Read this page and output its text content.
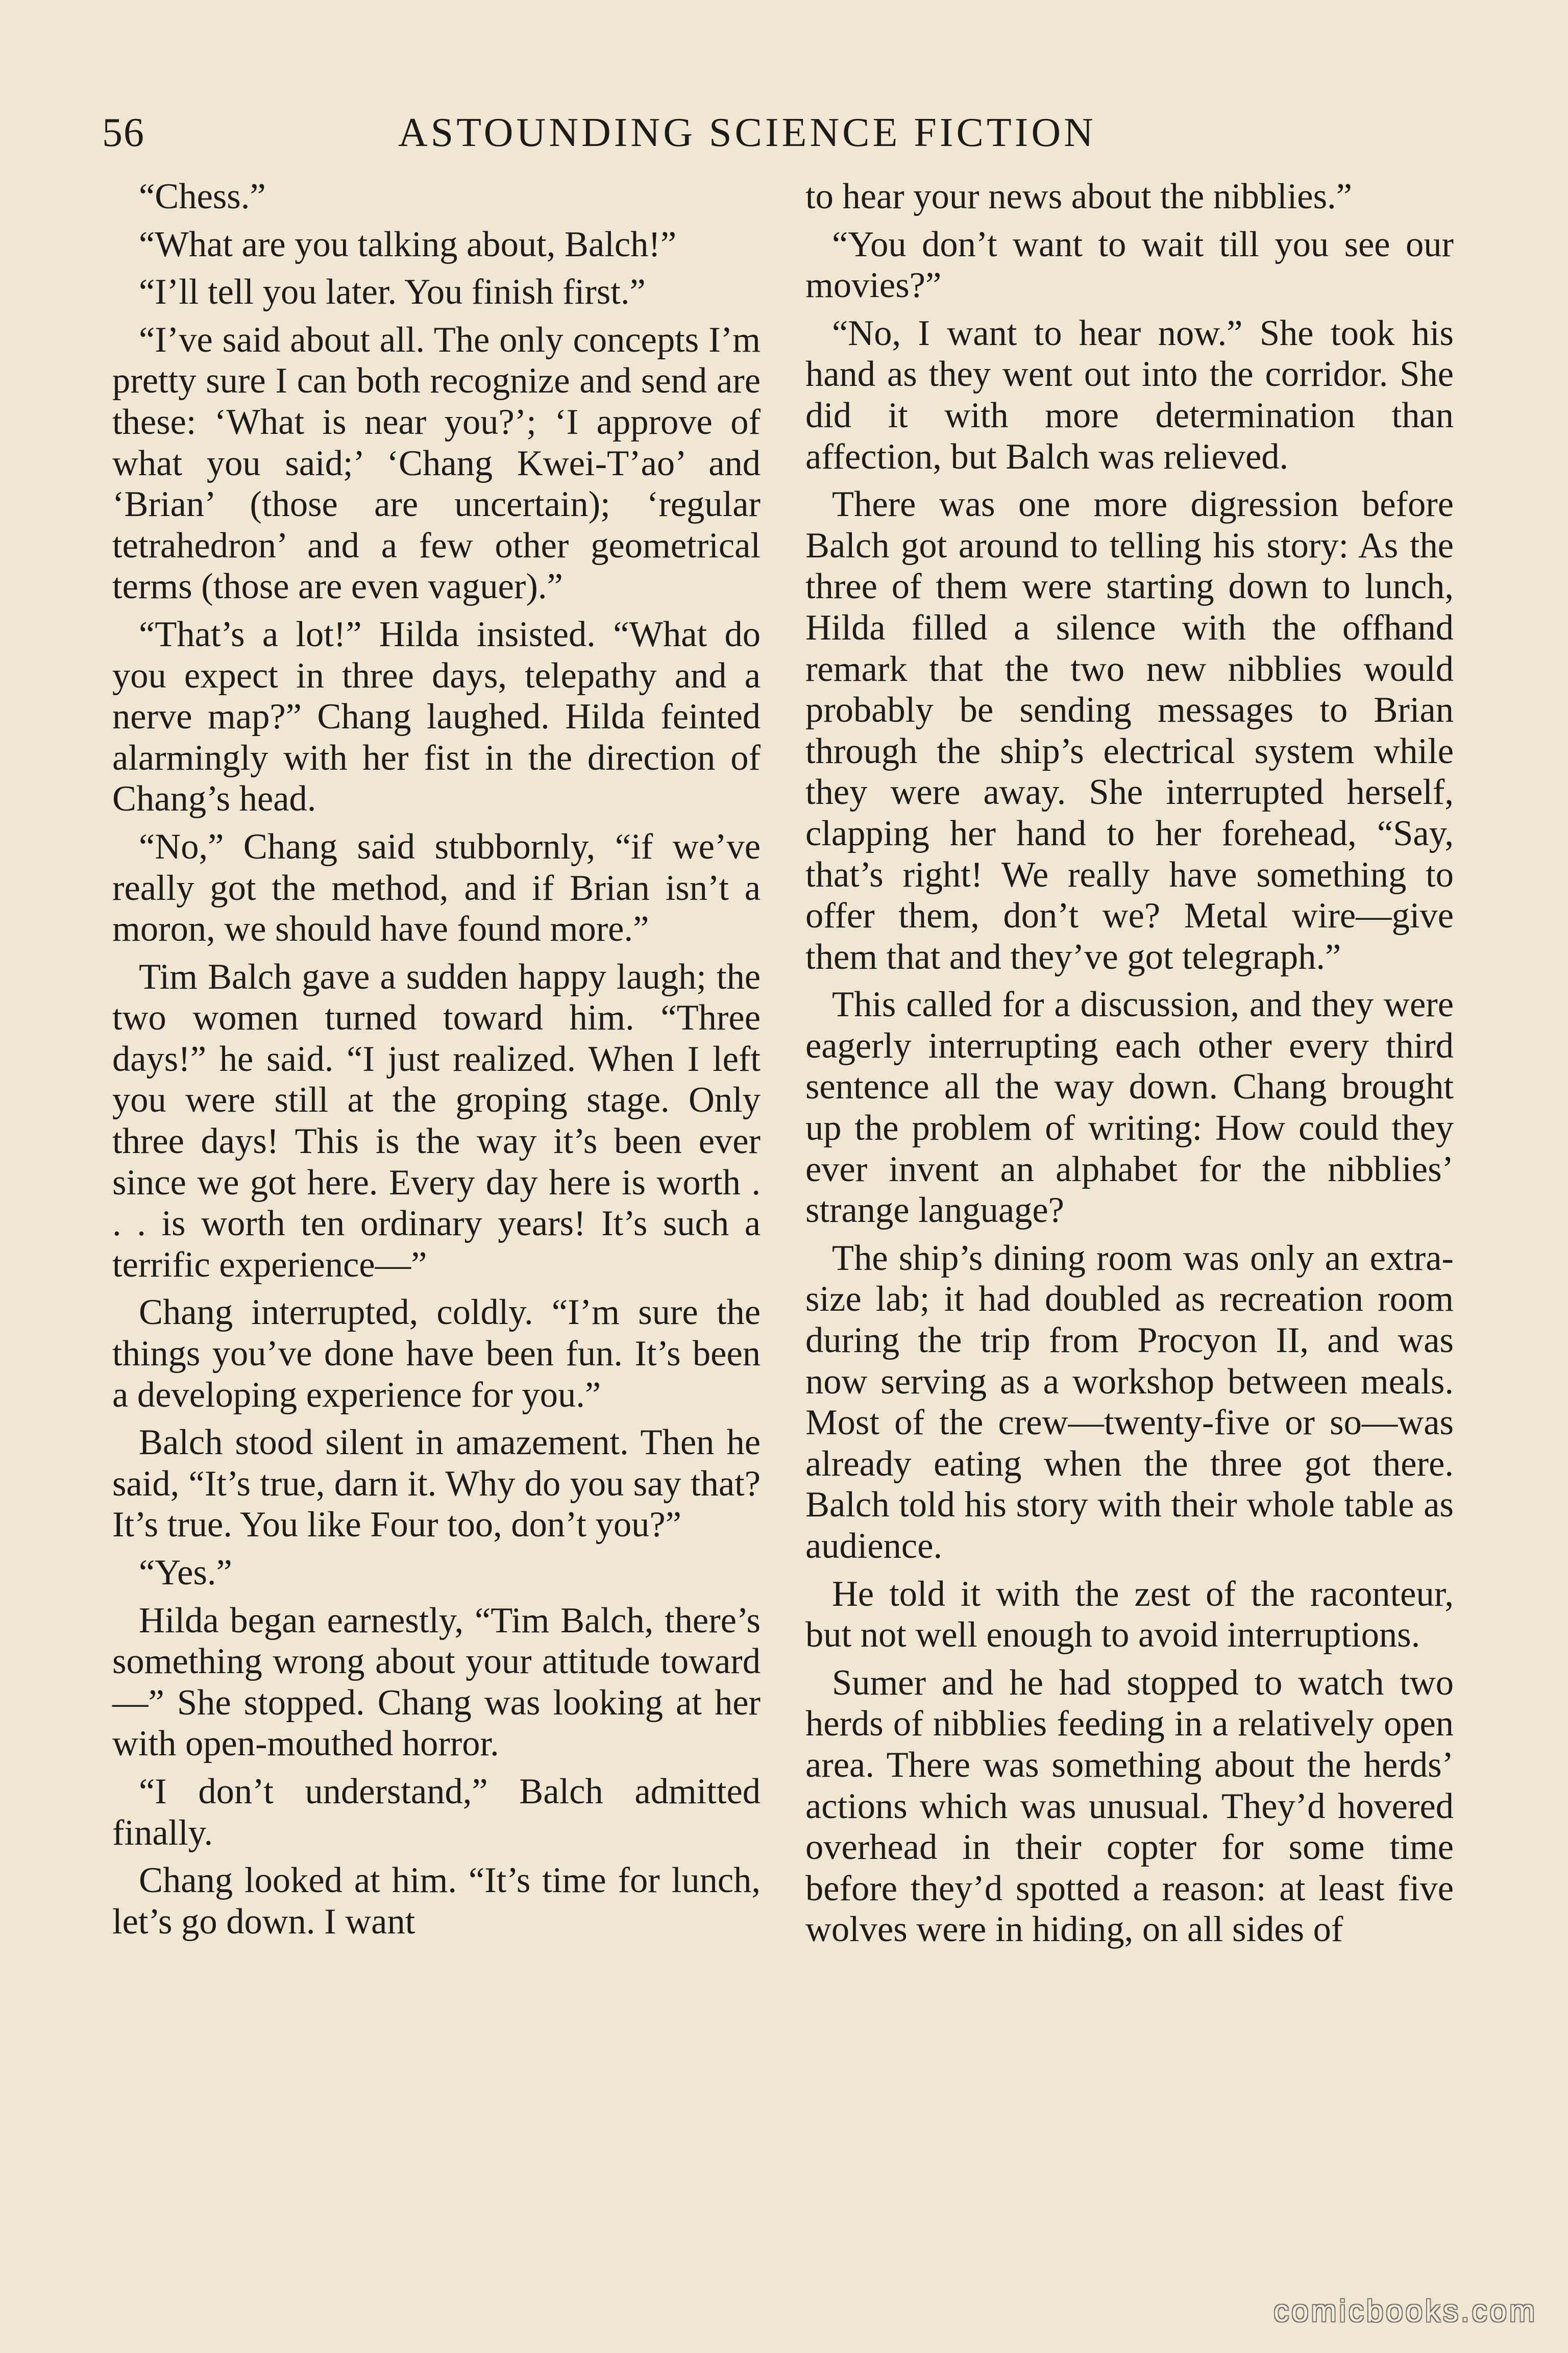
56	ASTOUNDING SCIENCE FICTION

“Chess.”

“What are you talking about, Balch!”

“I’ll tell you later. You finish first.”

“I’ve said about all. The only concepts I’m pretty sure I can both recognize and send are these: ‘What is near you?’; ‘I approve of what you said;’ ‘Chang Kwei-T’ao’ and ‘Brian’ (those are uncertain); ‘regular tetrahedron’ and a few other geometrical terms (those are even vaguer).”

“That’s a lot!” Hilda insisted. “What do you expect in three days, telepathy and a nerve map?” Chang laughed. Hilda feinted alarmingly with her fist in the direction of Chang’s head.

“No,” Chang said stubbornly, “if we’ve really got the method, and if Brian isn’t a moron, we should have found more.”

Tim Balch gave a sudden happy laugh; the two women turned toward him. “Three days!” he said. “I just realized. When I left you were still at the groping stage. Only three days! This is the way it’s been ever since we got here. Every day here is worth . . . is worth ten ordinary years! It’s such a terrific experience—”

Chang interrupted, coldly. “I’m sure the things you’ve done have been fun. It’s been a developing experience for you.”

Balch stood silent in amazement. Then he said, “It’s true, darn it. Why do you say that? It’s true. You like Four too, don’t you?”

“Yes.”

Hilda began earnestly, “Tim Balch, there’s something wrong about your attitude toward—” She stopped. Chang was looking at her with open-mouthed horror.

“I don’t understand,” Balch admitted finally.

Chang looked at him. “It’s time for lunch, let’s go down. I want

to hear your news about the nibblies.”

“You don’t want to wait till you see our movies?”

“No, I want to hear now.” She took his hand as they went out into the corridor. She did it with more determination than affection, but Balch was relieved.

There was one more digression before Balch got around to telling his story: As the three of them were starting down to lunch, Hilda filled a silence with the offhand remark that the two new nibblies would probably be sending messages to Brian through the ship’s electrical system while they were away. She interrupted herself, clapping her hand to her forehead, “Say, that’s right! We really have something to offer them, don’t we? Metal wire—give them that and they’ve got telegraph.”

This called for a discussion, and they were eagerly interrupting each other every third sentence all the way down. Chang brought up the problem of writing: How could they ever invent an alphabet for the nibblies’ strange language?

The ship’s dining room was only an extra-size lab; it had doubled as recreation room during the trip from Procyon II, and was now serving as a workshop between meals. Most of the crew—twenty-five or so—was already eating when the three got there. Balch told his story with their whole table as audience.

He told it with the zest of the raconteur, but not well enough to avoid interruptions.

Sumer and he had stopped to watch two herds of nibblies feeding in a relatively open area. There was something about the herds’ actions which was unusual. They’d hovered overhead in their copter for some time before they’d spotted a reason: at least five wolves were in hiding, on all sides of

comicbooks.com
